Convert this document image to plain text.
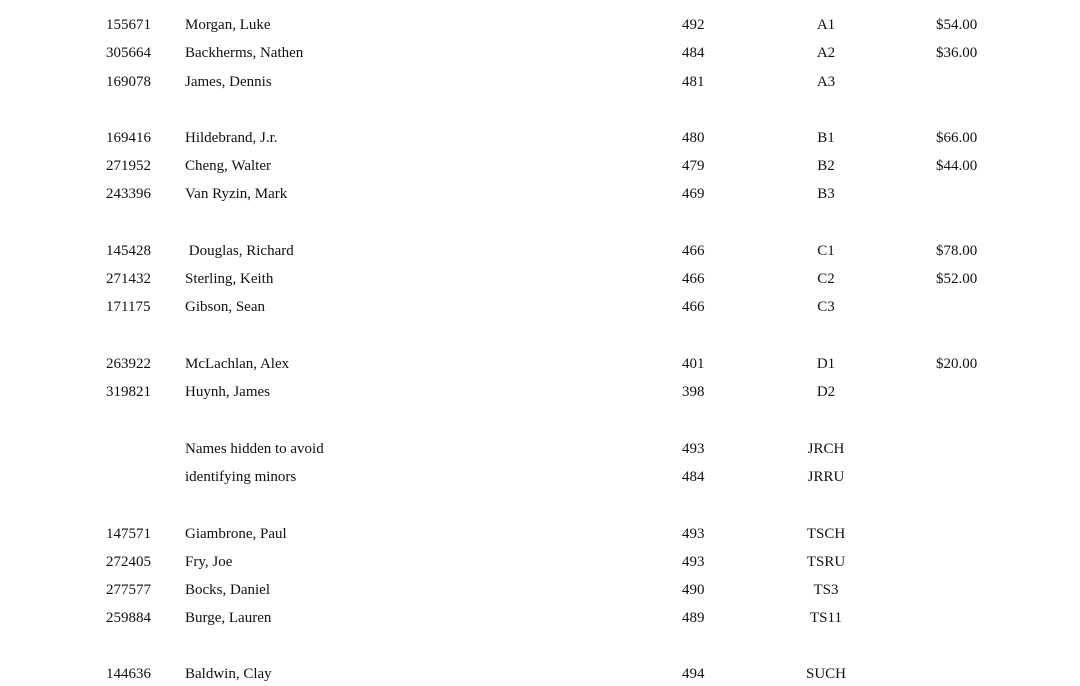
155671 Morgan, Luke	492	A1	$54.00
305664 Backherms, Nathen	484	A2	$36.00
169078 James, Dennis	481	A3
169416 Hildebrand, J.r.	480	B1	$66.00
271952 Cheng, Walter	479	B2	$44.00
243396 Van Ryzin, Mark	469	B3
145428 Douglas, Richard	466	C1	$78.00
271432 Sterling, Keith	466	C2	$52.00
171175 Gibson, Sean	466	C3
263922 McLachlan, Alex	401	D1	$20.00
319821 Huynh, James	398	D2
Names hidden to avoid	493	JRCH
identifying minors	484	JRRU
147571 Giambrone, Paul	493	TSCH
272405 Fry, Joe	493	TSRU
277577 Bocks, Daniel	490	TS3
259884 Burge, Lauren	489	TS11
144636 Baldwin, Clay	494	SUCH
